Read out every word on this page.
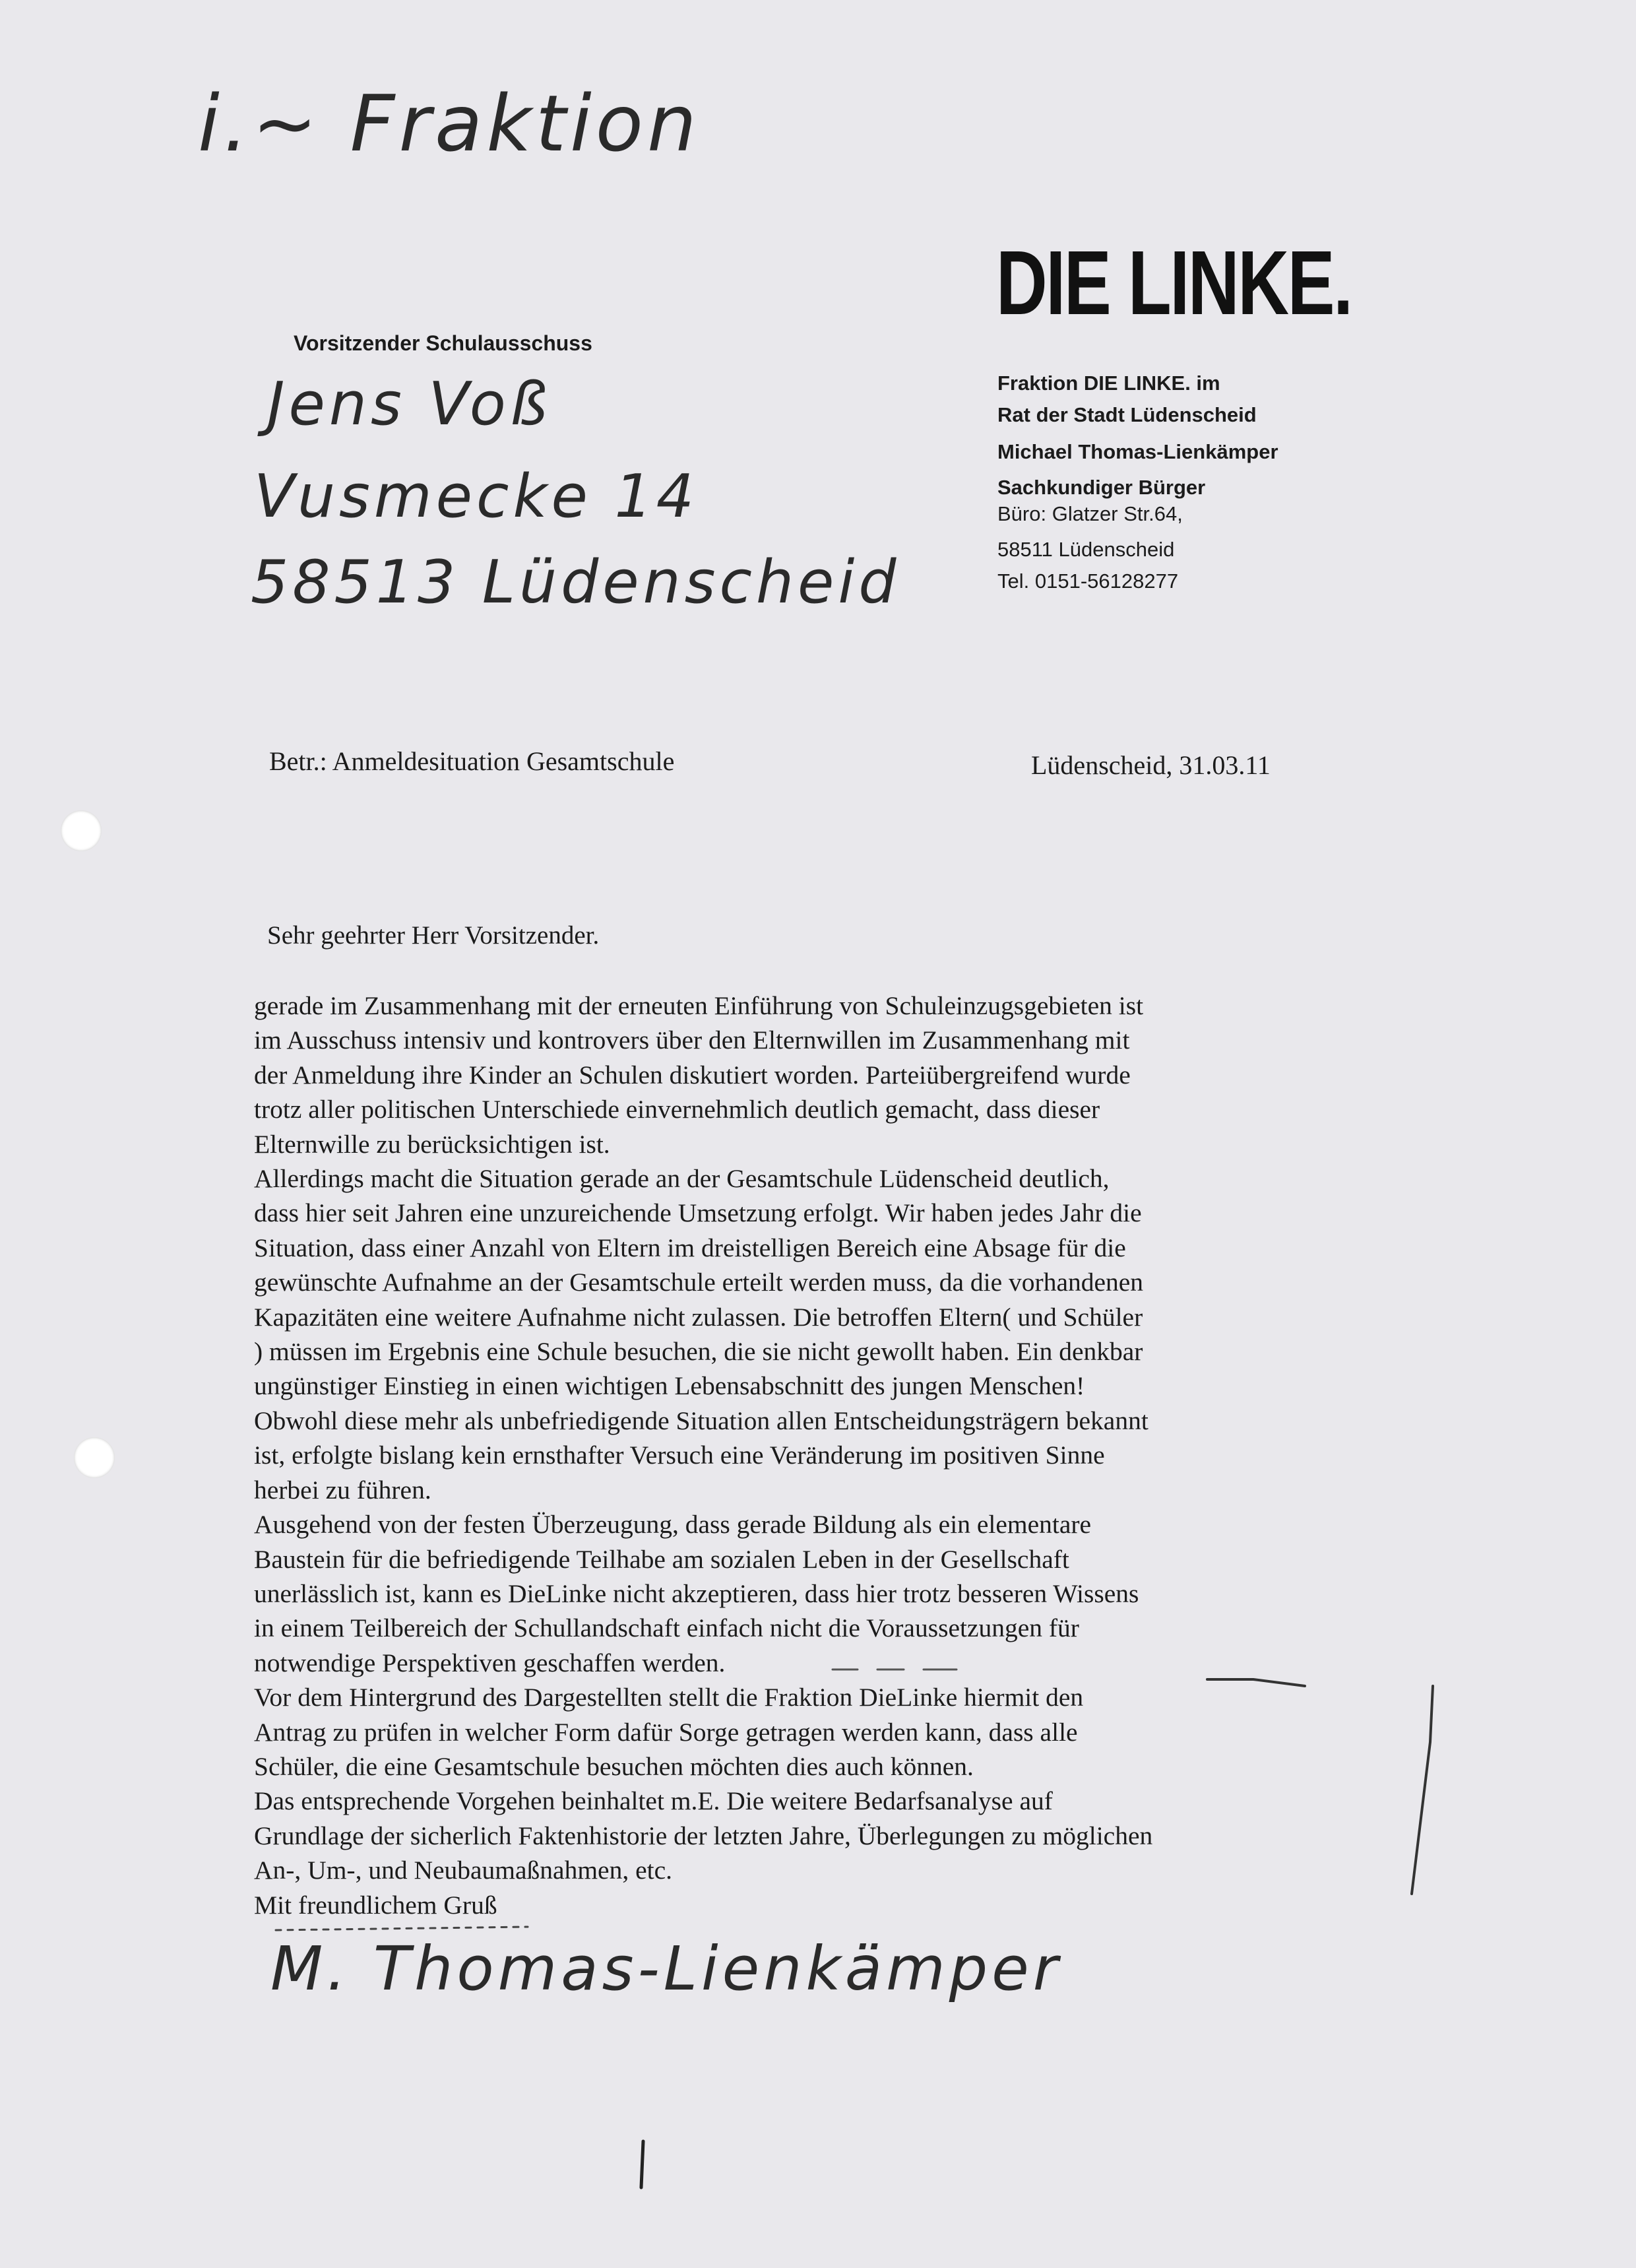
i.~ Fraktion
DIE LINKE.
Vorsitzender Schulausschuss
Jens Voß
Vusmecke 14
58513 Lüdenscheid
Fraktion DIE LINKE. im
Rat der Stadt Lüdenscheid
Michael Thomas-Lienkämper
Sachkundiger Bürger
Büro: Glatzer Str.64,
58511 Lüdenscheid
Tel. 0151-56128277
Betr.: Anmeldesituation Gesamtschule	Lüdenscheid, 31.03.11
Sehr geehrter Herr Vorsitzender.
gerade im Zusammenhang mit der erneuten Einführung von Schuleinzugsgebieten ist
im Ausschuss intensiv und kontrovers über den Elternwillen im Zusammenhang mit
der Anmeldung ihre Kinder an Schulen diskutiert worden. Parteiübergreifend wurde
trotz aller politischen Unterschiede einvernehmlich deutlich gemacht, dass dieser
Elternwille zu berücksichtigen ist.
Allerdings macht die Situation gerade an der Gesamtschule Lüdenscheid deutlich,
dass hier seit Jahren eine unzureichende Umsetzung erfolgt. Wir haben jedes Jahr die
Situation, dass einer Anzahl von Eltern im dreistelligen Bereich eine Absage für die
gewünschte Aufnahme an der Gesamtschule erteilt werden muss, da die vorhandenen
Kapazitäten eine weitere Aufnahme nicht zulassen. Die betroffen Eltern( und Schüler
) müssen im Ergebnis eine Schule besuchen, die sie nicht gewollt haben. Ein denkbar
ungünstiger Einstieg in einen wichtigen Lebensabschnitt des jungen Menschen!
Obwohl diese mehr als unbefriedigende Situation allen Entscheidungsträgern bekannt
ist, erfolgte bislang kein ernsthafter Versuch eine Veränderung im positiven Sinne
herbei zu führen.
Ausgehend von der festen Überzeugung, dass gerade Bildung als ein elementare
Baustein für die befriedigende Teilhabe am sozialen Leben in der Gesellschaft
unerlässlich ist, kann es DieLinke nicht akzeptieren, dass hier trotz besseren Wissens
in einem Teilbereich der Schullandschaft einfach nicht die Voraussetzungen für
notwendige Perspektiven geschaffen werden.
Vor dem Hintergrund des Dargestellten stellt die Fraktion DieLinke hiermit den
Antrag zu prüfen in welcher Form dafür Sorge getragen werden kann, dass alle
Schüler, die eine Gesamtschule besuchen möchten dies auch können.
Das entsprechende Vorgehen beinhaltet m.E. Die weitere Bedarfsanalyse auf
Grundlage der sicherlich Faktenhistorie der letzten Jahre, Überlegungen zu möglichen
An-, Um-, und Neubaumaßnahmen, etc.
Mit freundlichem Gruß
M. Thomas-Lienkämper
